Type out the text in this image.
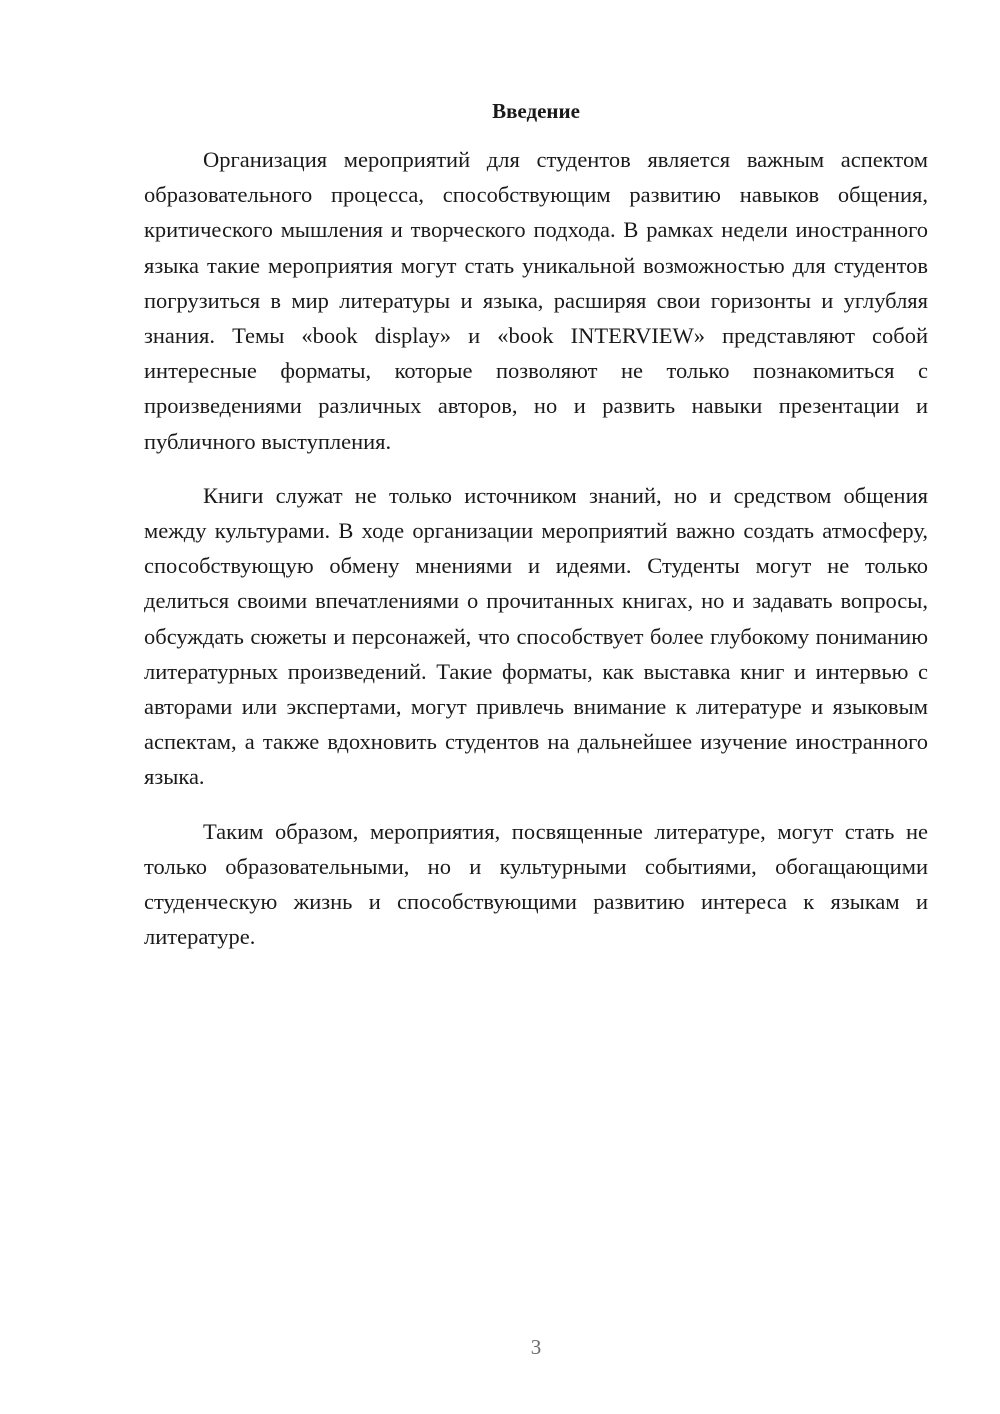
Введение

Организация мероприятий для студентов является важным аспектом образовательного процесса, способствующим развитию навыков общения, критического мышления и творческого подхода. В рамках недели иностранного языка такие мероприятия могут стать уникальной возможностью для студентов погрузиться в мир литературы и языка, расширяя свои горизонты и углубляя знания. Темы «book display» и «book INTERVIEW» представляют собой интересные форматы, которые позволяют не только познакомиться с произведениями различных авторов, но и развить навыки презентации и публичного выступления.

Книги служат не только источником знаний, но и средством общения между культурами. В ходе организации мероприятий важно создать атмосферу, способствующую обмену мнениями и идеями. Студенты могут не только делиться своими впечатлениями о прочитанных книгах, но и задавать вопросы, обсуждать сюжеты и персонажей, что способствует более глубокому пониманию литературных произведений. Такие форматы, как выставка книг и интервью с авторами или экспертами, могут привлечь внимание к литературе и языковым аспектам, а также вдохновить студентов на дальнейшее изучение иностранного языка.

Таким образом, мероприятия, посвященные литературе, могут стать не только образовательными, но и культурными событиями, обогащающими студенческую жизнь и способствующими развитию интереса к языкам и литературе.

3
